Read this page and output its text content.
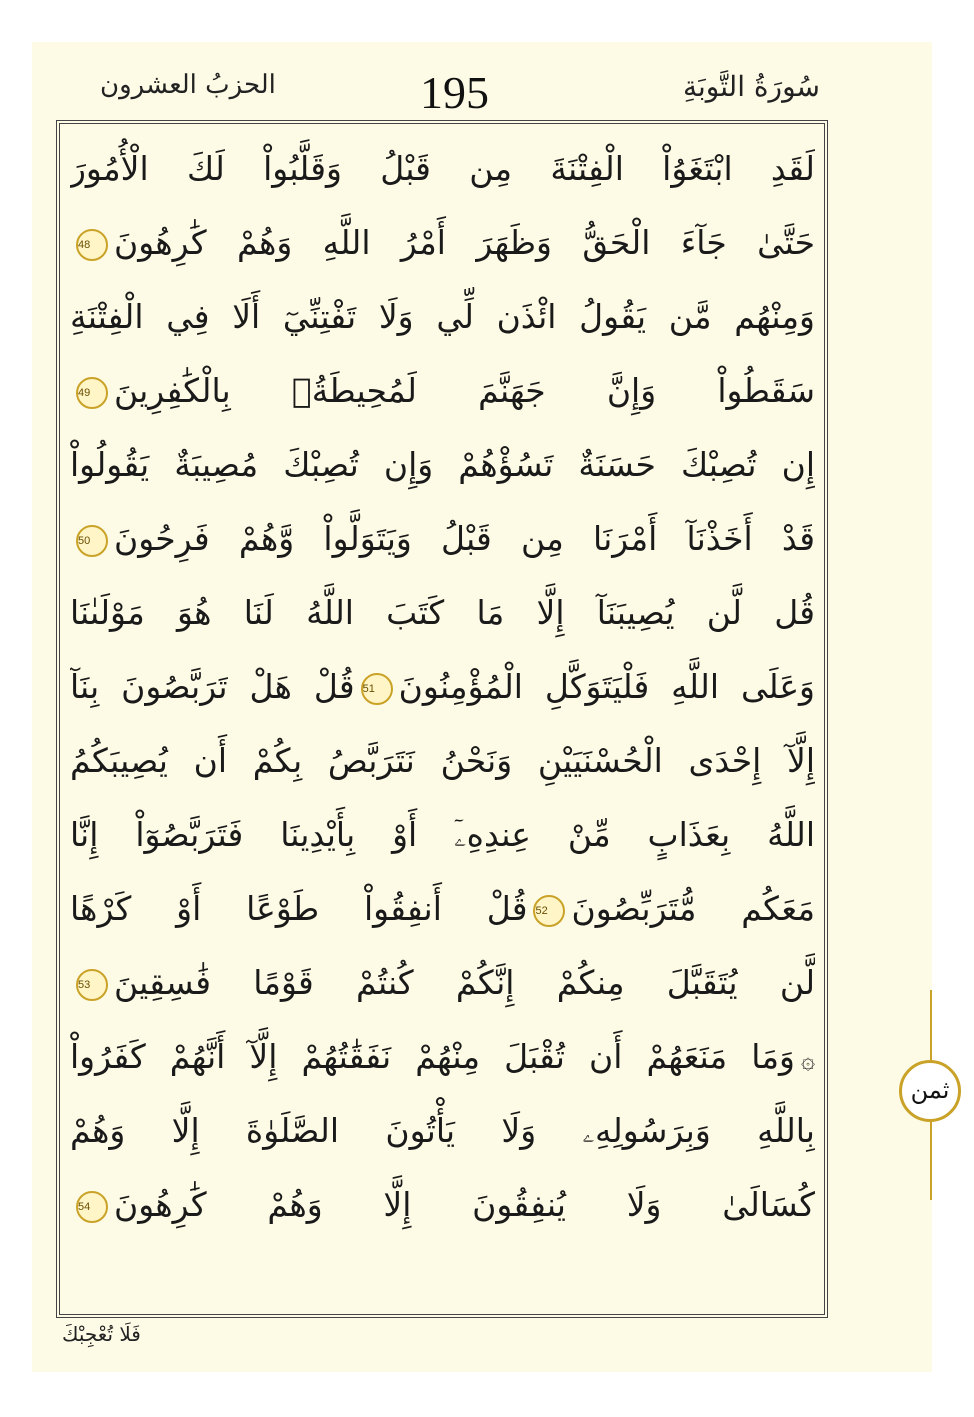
الحزبُ العشرون	195	سُورَةُ التَّوبَةِ
لَقَدِ ابْتَغَوُاْ الْفِتْنَةَ مِن قَبْلُ وَقَلَّبُواْ لَكَ الْأُمُورَ
حَتَّىٰ جَآءَ الْحَقُّ وَظَهَرَ أَمْرُ اللَّهِ وَهُمْ كَٰرِهُونَ48
وَمِنْهُم مَّن يَقُولُ ائْذَن لِّي وَلَا تَفْتِنِّيٓ أَلَا فِي الْفِتْنَةِ
سَقَطُواْ وَإِنَّ جَهَنَّمَ لَمُحِيطَةُۢ بِالْكَٰفِرِينَ49
إِن تُصِبْكَ حَسَنَةٌ تَسُؤْهُمْ وَإِن تُصِبْكَ مُصِيبَةٌ يَقُولُواْ
قَدْ أَخَذْنَآ أَمْرَنَا مِن قَبْلُ وَيَتَوَلَّواْ وَّهُمْ فَرِحُونَ50
قُل لَّن يُصِيبَنَآ إِلَّا مَا كَتَبَ اللَّهُ لَنَا هُوَ مَوْلَىٰنَا
وَعَلَى اللَّهِ فَلْيَتَوَكَّلِ الْمُؤْمِنُونَ51قُلْ هَلْ تَرَبَّصُونَ بِنَآ
إِلَّآ إِحْدَى الْحُسْنَيَيْنِ وَنَحْنُ نَتَرَبَّصُ بِكُمْ أَن يُصِيبَكُمُ
اللَّهُ بِعَذَابٍ مِّنْ عِندِهِۦٓ أَوْ بِأَيْدِينَا فَتَرَبَّصُوٓاْ إِنَّا
مَعَكُم مُّتَرَبِّصُونَ52قُلْ أَنفِقُواْ طَوْعًا أَوْ كَرْهًا
لَّن يُتَقَبَّلَ مِنكُمْ إِنَّكُمْ كُنتُمْ قَوْمًا فَٰسِقِينَ53
۞وَمَا مَنَعَهُمْ أَن تُقْبَلَ مِنْهُمْ نَفَقَٰتُهُمْ إِلَّآ أَنَّهُمْ كَفَرُواْ
بِاللَّهِ وَبِرَسُولِهِۦ وَلَا يَأْتُونَ الصَّلَوٰةَ إِلَّا وَهُمْ
كُسَالَىٰ وَلَا يُنفِقُونَ إِلَّا وَهُمْ كَٰرِهُونَ54
ثمن
فَلَا تُعْجِبْكَ
